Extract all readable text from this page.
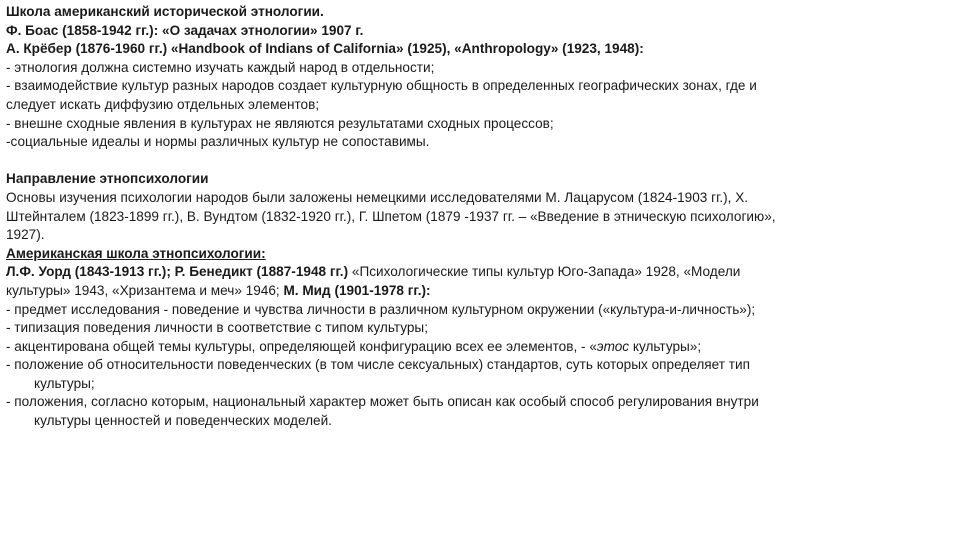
Школа американский исторической этнологии.
Ф. Боас (1858-1942 гг.): «О задачах этнологии» 1907 г.
А. Крёбер (1876-1960 гг.) «Handbook of Indians of California» (1925), «Anthropology» (1923, 1948):
- этнология должна системно изучать каждый народ в отдельности;
- взаимодействие культур разных народов создает культурную общность в определенных географических зонах, где и
следует искать диффузию отдельных элементов;
- внешне сходные явления в культурах не являются результатами сходных процессов;
-социальные идеалы и нормы различных культур не сопоставимы.
Направление этнопсихологии
Основы изучения психологии народов были заложены немецкими исследователями М. Лацарусом (1824-1903 гг.), Х.
Штейнталем (1823-1899 гг.), В. Вундтом (1832-1920 гг.), Г. Шпетом (1879 -1937 гг. – «Введение в этническую психологию»,
1927).
Американская школа этнопсихологии:
Л.Ф. Уорд (1843-1913 гг.); Р. Бенедикт (1887-1948 гг.) «Психологические типы культур Юго-Запада» 1928, «Модели
культуры» 1943, «Хризантема и меч» 1946; М. Мид (1901-1978 гг.):
- предмет исследования - поведение и чувства личности в различном культурном окружении («культура-и-личность»);
- типизация поведения личности в соответствие с типом культуры;
- акцентирована общей темы культуры, определяющей конфигурацию всех ее элементов, - «этос культуры»;
- положение об относительности поведенческих (в том числе сексуальных) стандартов, суть которых определяет тип
культуры;
- положения, согласно которым, национальный характер может быть описан как особый способ регулирования внутри
культуры ценностей и поведенческих моделей.
